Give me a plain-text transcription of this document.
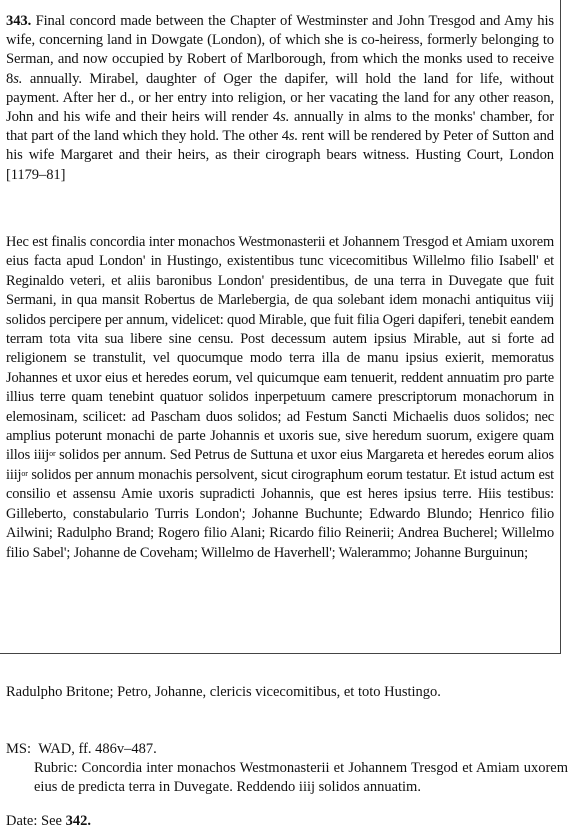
343. Final concord made between the Chapter of Westminster and John Tresgod and Amy his wife, concerning land in Dowgate (London), of which she is co-heiress, formerly belonging to Serman, and now occupied by Robert of Marlborough, from which the monks used to receive 8s. annually. Mirabel, daughter of Oger the dapifer, will hold the land for life, without payment. After her d., or her entry into religion, or her vacating the land for any other reason, John and his wife and their heirs will render 4s. annually in alms to the monks' chamber, for that part of the land which they hold. The other 4s. rent will be rendered by Peter of Sutton and his wife Margaret and their heirs, as their cirograph bears witness. Husting Court, London [1179–81]

Hec est finalis concordia inter monachos Westmonasterii et Johannem Tresgod et Amiam uxorem eius facta apud London' in Hustingo, existentibus tunc vicecomitibus Willelmo filio Isabell' et Reginaldo veteri, et aliis baronibus London' presidentibus, de una terra in Duvegate que fuit Sermani, in qua mansit Robertus de Marlebergia, de qua solebant idem monachi antiquitus viij solidos percipere per annum, videlicet: quod Mirable, que fuit filia Ogeri dapiferi, tenebit eandem terram tota vita sua libere sine censu. Post decessum autem ipsius Mirable, aut si forte ad religionem se transtulit, vel quocumque modo terra illa de manu ipsius exierit, memoratus Johannes et uxor eius et heredes eorum, vel quicumque eam tenuerit, reddent annuatim pro parte illius terre quam tenebint quatuor solidos inperpetuum camere prescriptorum monachorum in elemosinam, scilicet: ad Pascham duos solidos; ad Festum Sancti Michaelis duos solidos; nec amplius poterunt monachi de parte Johannis et uxoris sue, sive heredum suorum, exigere quam illos iiij$^{or}$ solidos per annum. Sed Petrus de Suttuna et uxor eius Margareta et heredes eorum alios iiij$^{or}$ solidos per annum monachis persolvent, sicut cirographum eorum testatur. Et istud actum est consilio et assensu Amie uxoris supradicti Johannis, que est heres ipsius terre. Hiis testibus: Gilleberto, constabulario Turris London'; Johanne Buchunte; Edwardo Blundo; Henrico filio Ailwini; Radulpho Brand; Rogero filio Alani; Ricardo filio Reinerii; Andrea Bucherel; Willelmo filio Sabel'; Johanne de Coveham; Willelmo de Haverhell'; Walerammo; Johanne Burguinun;

Radulpho Britone; Petro, Johanne, clericis vicecomitibus, et toto Hustingo.

MS: WAD, ff. 486v–487.
Rubric: Concordia inter monachos Westmonasterii et Johannem Tresgod et Amiam uxorem eius de predicta terra in Duvegate. Reddendo iiij solidos annuatim.
Date: See 342.
